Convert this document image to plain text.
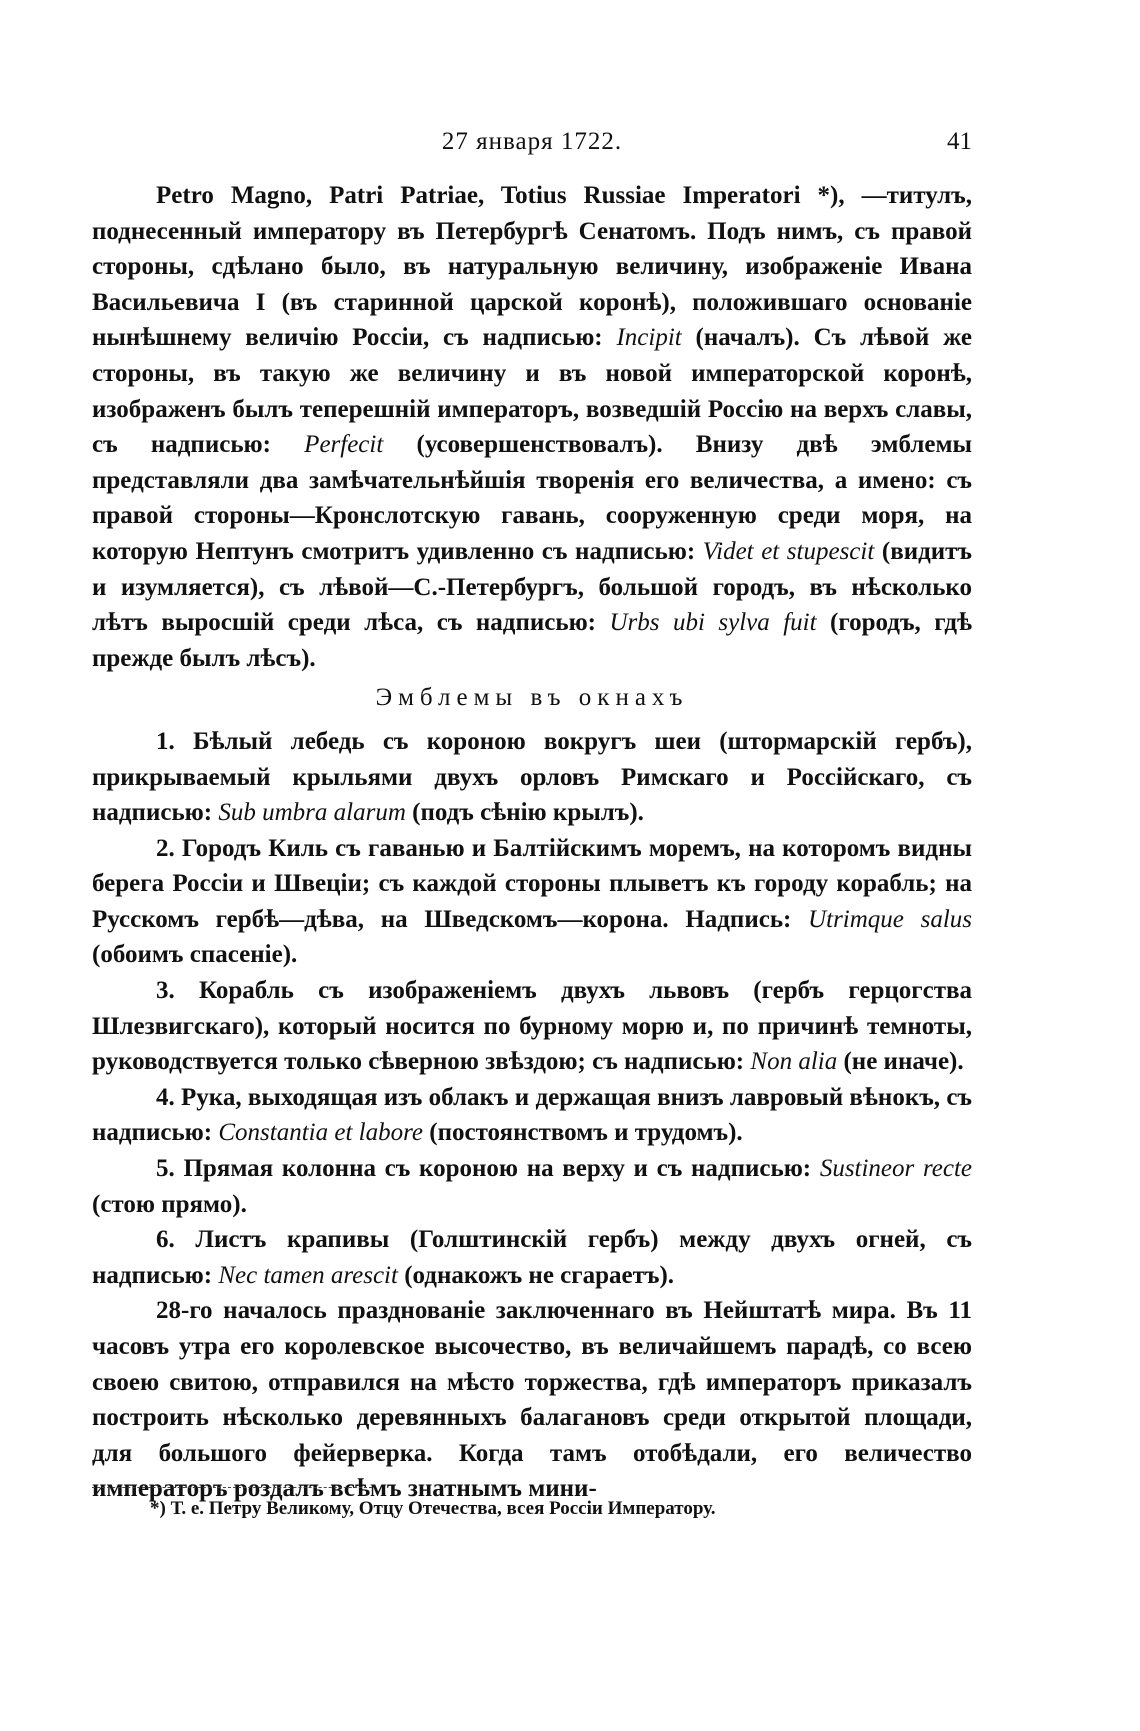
27 января 1722.	41

Petro Magno, Patri Patriae, Totius Russiae Imperatori *), —титулъ, поднесенный императору въ Петербургѣ Сенатомъ. Подъ нимъ, съ правой стороны, сдѣлано было, въ натуральную величину, изображеніе Ивана Васильевича I (въ старинной царской коронѣ), положившаго основаніе нынѣшнему величію Россіи, съ надписью: Incipit (началъ). Съ лѣвой же стороны, въ такую же величину и въ новой императорской коронѣ, изображенъ былъ теперешній императоръ, возведшій Россію на верхъ славы, съ надписью: Perfecit (усовершенствовалъ). Внизу двѣ эмблемы представляли два замѣчательнѣйшія творенія его величества, а имено: съ правой стороны—Кронслотскую гавань, сооруженную среди моря, на которую Нептунъ смотритъ удивленно съ надписью: Videt et stupescit (видитъ и изумляется), съ лѣвой—С.-Петербургъ, большой городъ, въ нѣсколько лѣтъ выросшій среди лѣса, съ надписью: Urbs ubi sylva fuit (городъ, гдѣ прежде былъ лѣсъ).

Эмблемы въ окнахъ

1. Бѣлый лебедь съ короною вокругъ шеи (штормарскій гербъ), прикрываемый крыльями двухъ орловъ Римскаго и Россійскаго, съ надписью: Sub umbra alarum (подъ сѣнію крылъ).

2. Городъ Киль съ гаванью и Балтійскимъ моремъ, на которомъ видны берега Россіи и Швеціи; съ каждой стороны плыветъ къ городу корабль; на Русскомъ гербѣ—дѣва, на Шведскомъ—корона. Надпись: Utrimque salus (обоимъ спасеніе).

3. Корабль съ изображеніемъ двухъ львовъ (гербъ герцогства Шлезвигскаго), который носится по бурному морю и, по причинѣ темноты, руководствуется только сѣверною звѣздою; съ надписью: Non alia (не иначе).

4. Рука, выходящая изъ облакъ и держащая внизъ лавровый вѣнокъ, съ надписью: Constantia et labore (постоянствомъ и трудомъ).

5. Прямая колонна съ короною на верху и съ надписью: Sustineor recte (стою прямо).

6. Листъ крапивы (Голштинскій гербъ) между двухъ огней, съ надписью: Nec tamen arescit (однакожъ не сгараетъ).

28-го началось празднованіе заключеннаго въ Нейштатѣ мира. Въ 11 часовъ утра его королевское высочество, въ величайшемъ парадѣ, со всею своею свитою, отправился на мѣсто торжества, гдѣ императоръ приказалъ построить нѣсколько деревянныхъ балагановъ среди открытой площади, для большого фейерверка. Когда тамъ отобѣдали, его величество императоръ роздалъ всѣмъ знатнымъ мини-

*) Т. е. Петру Великому, Отцу Отечества, всея Россіи Императору.
